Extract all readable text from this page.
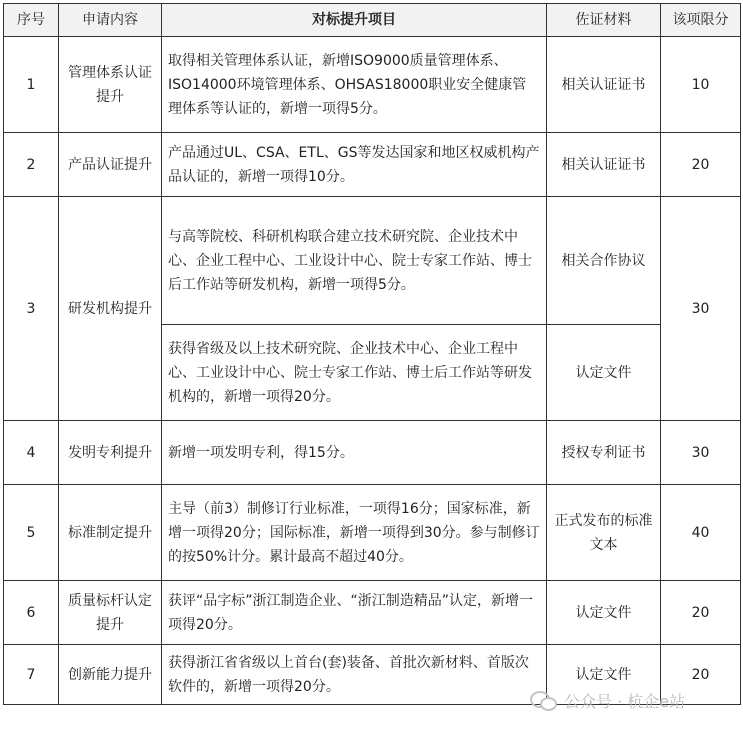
序号	申请内容	对标提升项目	佐证材料	该项限分
1	管理体系认证提升	取得相关管理体系认证，新增ISO9000质量管理体系、ISO14000环境管理体系、OHSAS18000职业安全健康管理体系等认证的，新增一项得5分。	相关认证证书	10
2	产品认证提升	产品通过UL、CSA、ETL、GS等发达国家和地区权威机构产品认证的，新增一项得10分。	相关认证证书	20
3	研发机构提升	与高等院校、科研机构联合建立技术研究院、企业技术中心、企业工程中心、工业设计中心、院士专家工作站、博士后工作站等研发机构，新增一项得5分。	相关合作协议	30
		获得省级及以上技术研究院、企业技术中心、企业工程中心、工业设计中心、院士专家工作站、博士后工作站等研发机构的，新增一项得20分。	认定文件	
4	发明专利提升	新增一项发明专利，得15分。	授权专利证书	30
5	标准制定提升	主导（前3）制修订行业标准，一项得16分；国家标准，新增一项得20分；国际标准，新增一项得到30分。参与制修订的按50%计分。累计最高不超过40分。	正式发布的标准文本	40
6	质量标杆认定提升	获评“品字标”浙江制造企业、“浙江制造精品”认定，新增一项得20分。	认定文件	20
7	创新能力提升	获得浙江省省级以上首台(套)装备、首批次新材料、首版次软件的，新增一项得20分。	认定文件	20
公众号 · 杭企e站
